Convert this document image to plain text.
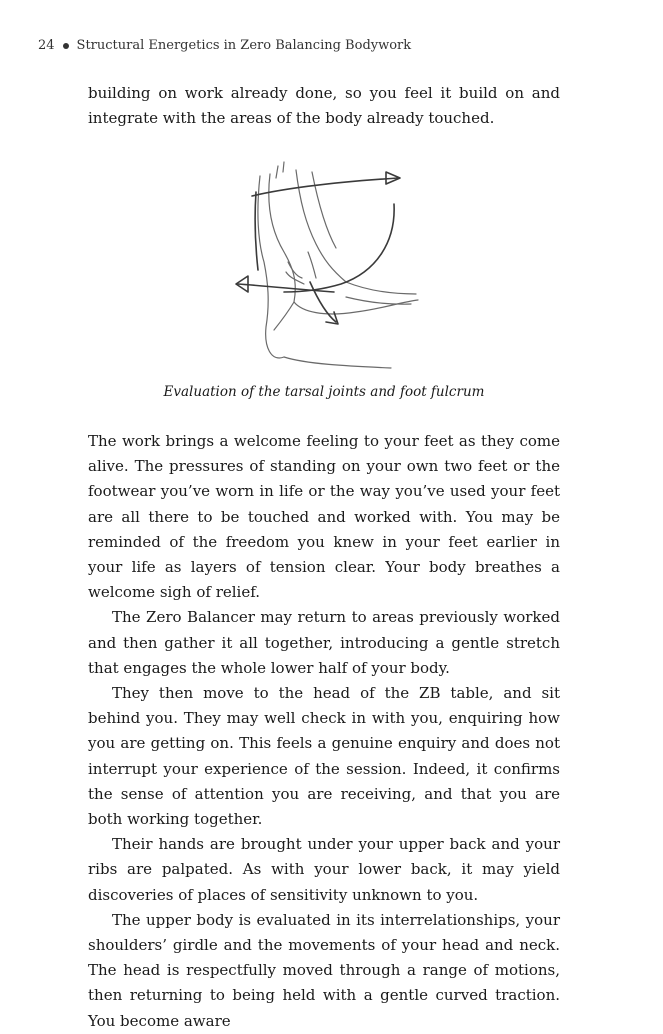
24 Structural Energetics in Zero Balancing Bodywork

building on work already done, so you feel it build on and integrate with the areas of the body already touched.

Evaluation of the tarsal joints and foot fulcrum

The work brings a welcome feeling to your feet as they come alive. The pressures of standing on your own two feet or the footwear you’ve worn in life or the way you’ve used your feet are all there to be touched and worked with. You may be reminded of the freedom you knew in your feet earlier in your life as layers of tension clear. Your body breathes a welcome sigh of relief.

The Zero Balancer may return to areas previously worked and then gather it all together, introducing a gentle stretch that engages the whole lower half of your body.

They then move to the head of the ZB table, and sit behind you. They may well check in with you, enquiring how you are getting on. This feels a genuine enquiry and does not interrupt your experience of the session. Indeed, it confirms the sense of attention you are receiving, and that you are both working together.

Their hands are brought under your upper back and your ribs are palpated. As with your lower back, it may yield discoveries of places of sensitivity unknown to you.

The upper body is evaluated in its interrelationships, your shoulders’ girdle and the movements of your head and neck. The head is respectfully moved through a range of motions, then returning to being held with a gentle curved traction. You become aware
